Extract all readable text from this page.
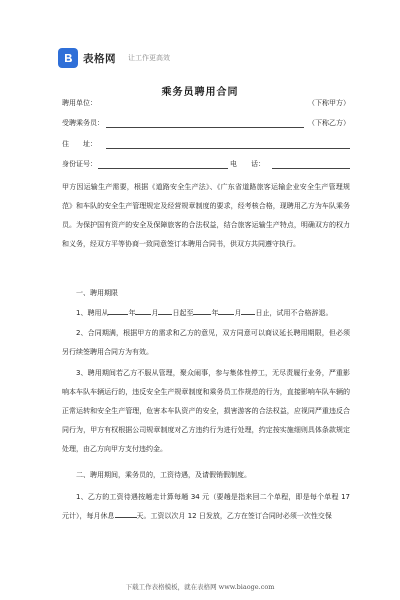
表格网 让工作更高效
乘务员聘用合同
聘用单位：	（下称甲方）
受聘乘务员：	（下称乙方）
住　　址：
身份证号：	电　　话：
甲方因运输生产需要，根据《道路安全生产法》、《广东省道路旅客运输企业安全生产管理规范》和车队的安全生产管理规定及经营规章制度的要求，经考核合格，现聘用乙方为车队乘务员。为保护国有资产的安全及保障旅客的合法权益，结合旅客运输生产特点，明确双方的权力和义务，经双方平等协商一致同意签订本聘用合同书，供双方共同遵守执行。
一、聘用期限
1、聘用从	年 月 日起至	年 月 日止，试用不合格辞退。
2、合同期满，根据甲方的需求和乙方的意见，双方同意可以商议延长聘用期限，但必须另行续签聘用合同方为有效。
3、聘用期间若乙方不服从管理，聚众闹事，参与集体性停工，无尽责履行业务，严重影响本车队车辆运行的，违反安全生产规章制度和乘务员工作规范的行为，直接影响车队车辆的正常运转和安全生产管理，危害本车队资产的安全，损害游客的合法权益，应视同严重违反合同行为，甲方有权根据公司规章制度对乙方违约行为进行处理，约定按实施细则具体条款规定处理，由乙方向甲方支付违约金。
二、聘用期间，乘务员的，工资待遇，及请假销假制度。
1、乙方的工资待遇按趟走计算每趟 34 元（要趟是指来回二个单程，即是每个单程 17 元计），每月休息	天。工资以次月 12 日发放，乙方在签订合同时必须一次性交保
下载工作表格模板，就在表格网 www.biaoge.com
